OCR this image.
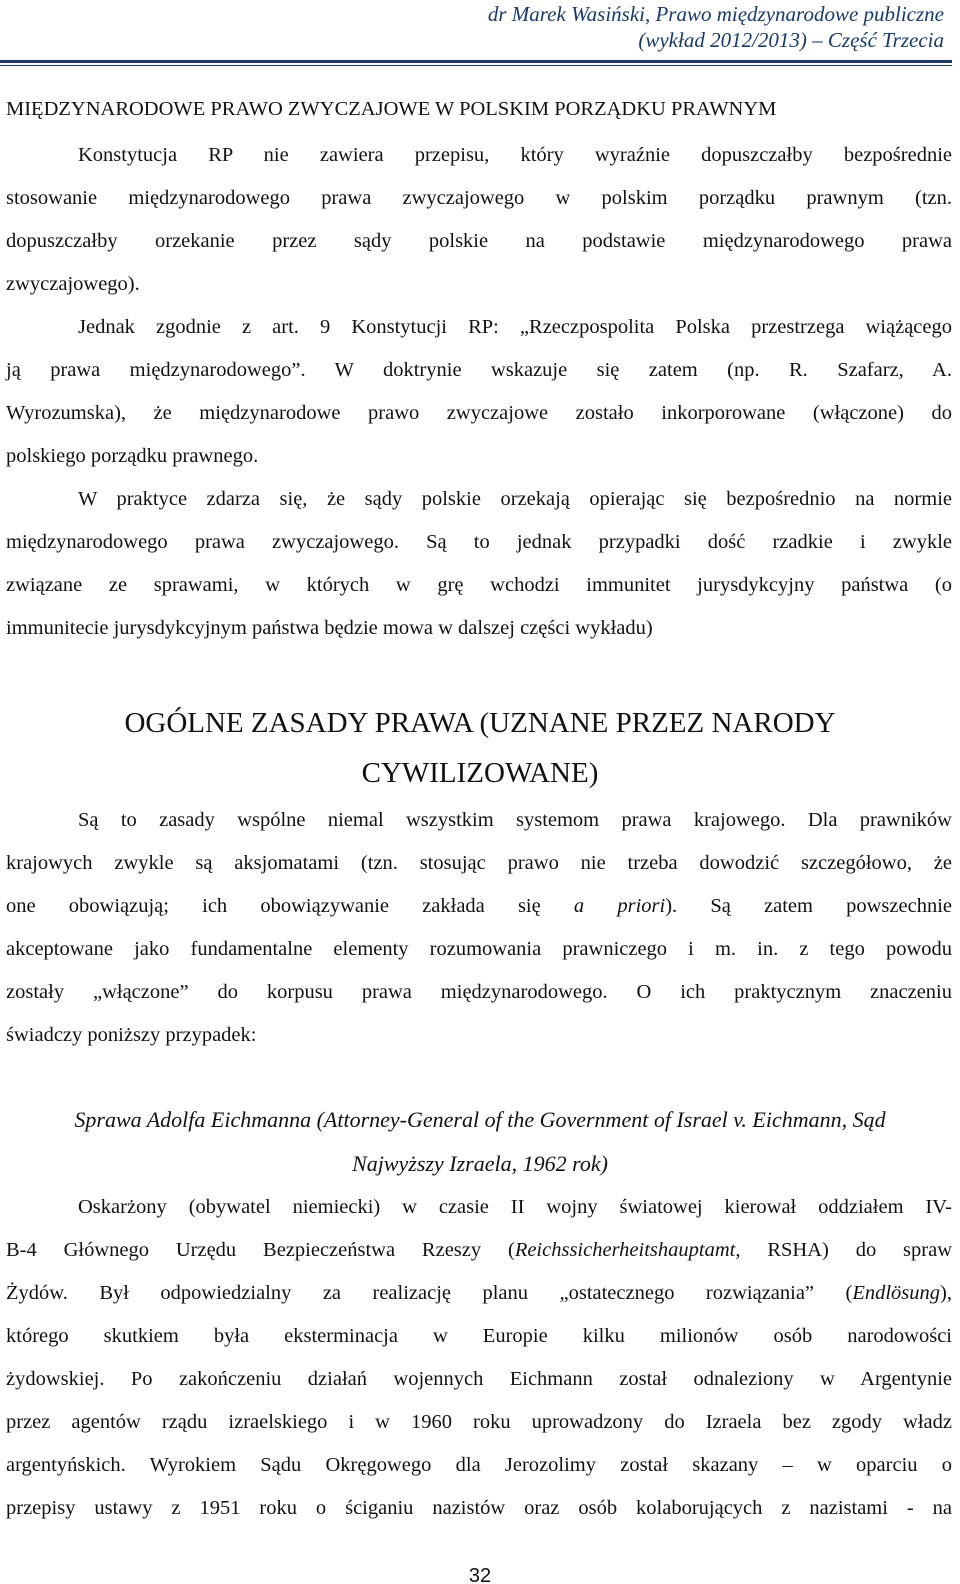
dr Marek Wasiński, Prawo międzynarodowe publiczne
(wykład 2012/2013) – Część Trzecia
MIĘDZYNARODOWE PRAWO ZWYCZAJOWE W POLSKIM PORZĄDKU PRAWNYM
Konstytucja RP nie zawiera przepisu, który wyraźnie dopuszczałby bezpośrednie
stosowanie międzynarodowego prawa zwyczajowego w polskim porządku prawnym (tzn.
dopuszczałby orzekanie przez sądy polskie na podstawie międzynarodowego prawa
zwyczajowego).
Jednak zgodnie z art. 9 Konstytucji RP: „Rzeczpospolita Polska przestrzega wiążącego
ją prawa międzynarodowego”. W doktrynie wskazuje się zatem (np. R. Szafarz, A.
Wyrozumska), że międzynarodowe prawo zwyczajowe zostało inkorporowane (włączone) do
polskiego porządku prawnego.
W praktyce zdarza się, że sądy polskie orzekają opierając się bezpośrednio na normie
międzynarodowego prawa zwyczajowego. Są to jednak przypadki dość rzadkie i zwykle
związane ze sprawami, w których w grę wchodzi immunitet jurysdykcyjny państwa (o
immunitecie jurysdykcyjnym państwa będzie mowa w dalszej części wykładu)
OGÓLNE ZASADY PRAWA (UZNANE PRZEZ NARODY
CYWILIZOWANE)
Są to zasady wspólne niemal wszystkim systemom prawa krajowego. Dla prawników
krajowych zwykle są aksjomatami (tzn. stosując prawo nie trzeba dowodzić szczegółowo, że
one obowiązują; ich obowiązywanie zakłada się a priori). Są zatem powszechnie
akceptowane jako fundamentalne elementy rozumowania prawniczego i m. in. z tego powodu
zostały „włączone” do korpusu prawa międzynarodowego. O ich praktycznym znaczeniu
świadczy poniższy przypadek:
Sprawa Adolfa Eichmanna (Attorney-General of the Government of Israel v. Eichmann, Sąd
Najwyższy Izraela, 1962 rok)
Oskarżony (obywatel niemiecki) w czasie II wojny światowej kierował oddziałem IV-
B-4 Głównego Urzędu Bezpieczeństwa Rzeszy (Reichssicherheitshauptamt, RSHA) do spraw
Żydów. Był odpowiedzialny za realizację planu „ostatecznego rozwiązania” (Endlösung),
którego skutkiem była eksterminacja w Europie kilku milionów osób narodowości
żydowskiej. Po zakończeniu działań wojennych Eichmann został odnaleziony w Argentynie
przez agentów rządu izraelskiego i w 1960 roku uprowadzony do Izraela bez zgody władz
argentyńskich. Wyrokiem Sądu Okręgowego dla Jerozolimy został skazany – w oparciu o
przepisy ustawy z 1951 roku o ściganiu nazistów oraz osób kolaborujących z nazistami - na
32
